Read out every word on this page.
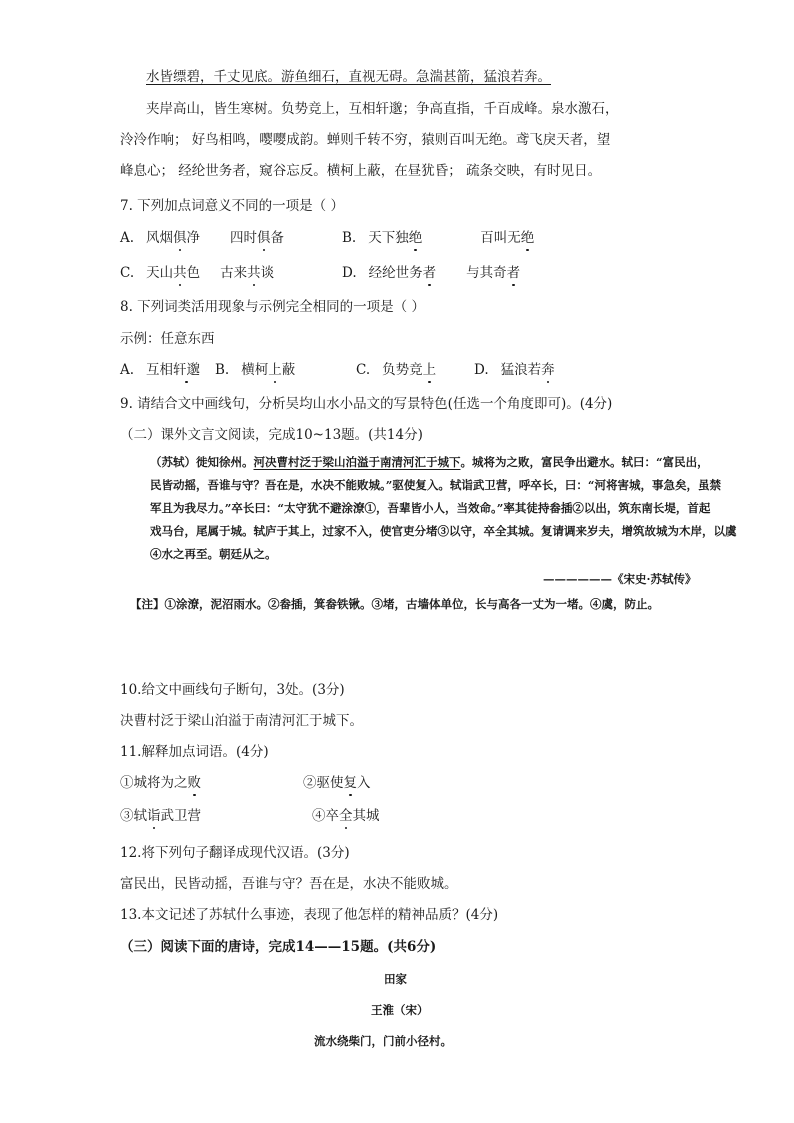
水皆缥碧，千丈见底。游鱼细石，直视无碍。急湍甚箭，猛浪若奔。
夹岸高山，皆生寒树。负势竞上，互相轩邈；争高直指，千百成峰。泉水激石，
泠泠作响； 好鸟相鸣，嘤嘤成韵。蝉则千转不穷，猿则百叫无绝。鸢飞戾天者，望
峰息心； 经纶世务者，窥谷忘反。横柯上蔽，在昼犹昏； 疏条交映，有时见日。
7. 下列加点词意义不同的一项是（ ）
A. 风烟俱净 四时俱备	B. 天下独绝	百叫无绝
C. 天山共色 古来共谈	D. 经纶世务者 与其奇者
8. 下列词类活用现象与示例完全相同的一项是（ ）
示例：任意东西
A. 互相轩邈 B. 横柯上蔽	C. 负势竞上	D. 猛浪若奔
9. 请结合文中画线句，分析吴均山水小品文的写景特色(任选一个角度即可)。(4分)
（二）课外文言文阅读，完成10~13题。(共14分)
（苏轼）徙知徐州。河决曹村泛于梁山泊溢于南清河汇于城下。城将为之败，富民争出避水。轼曰：“富民出，
民皆动摇，吾谁与守？吾在是，水决不能败城。”驱使复入。轼诣武卫营，呼卒长，曰：“河将害城，事急矣，虽禁
军且为我尽力。”卒长曰：“太守犹不避涂潦①，吾辈皆小人，当效命。”率其徒持畚插②以出，筑东南长堤，首起
戏马台，尾属于城。轼庐于其上，过家不入，使官吏分堵③以守，卒全其城。复请调来岁夫，增筑故城为木岸，以虞
④水之再至。朝廷从之。
——————《宋史·苏轼传》
【注】①涂潦，泥沼雨水。②畚插，箕畚铁锹。③堵，古墙体单位，长与高各一丈为一堵。④虞，防止。
10.给文中画线句子断句，3处。(3分)
决曹村泛于梁山泊溢于南清河汇于城下。
11.解释加点词语。(4分)
①城将为之败	②驱使复入
③轼诣武卫营	④卒全其城
12.将下列句子翻译成现代汉语。(3分)
富民出，民皆动摇，吾谁与守？吾在是，水决不能败城。
13.本文记述了苏轼什么事迹，表现了他怎样的精神品质？(4分)
（三）阅读下面的唐诗，完成14——15题。(共6分)
田家
王淮（宋）
流水绕柴门，门前小径村。
